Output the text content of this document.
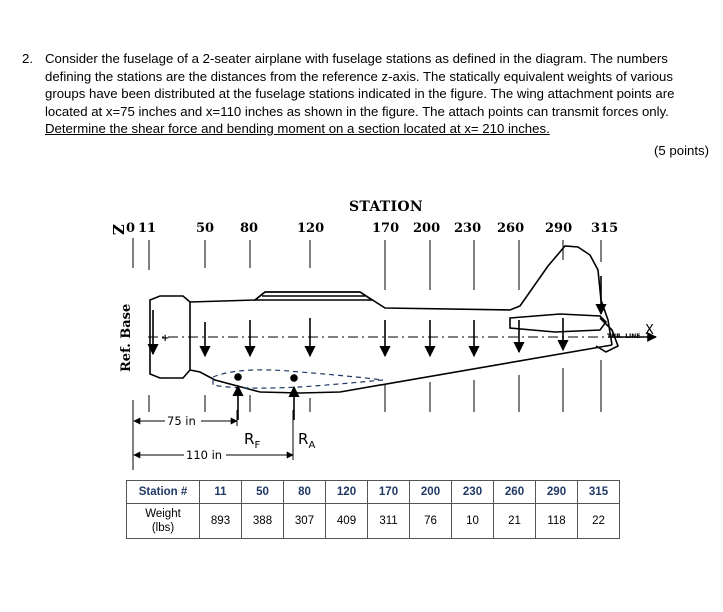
2. Consider the fuselage of a 2-seater airplane with fuselage stations as defined in the diagram. The numbers
defining the stations are the distances from the reference z-axis. The statically equivalent weights of various
groups have been distributed at the fuselage stations indicated in the figure. The wing attachment points are
located at x=75 inches and x=110 inches as shown in the figure. The attach points can transmit forces only.
Determine the shear force and bending moment on a section located at x= 210 inches.
(5 points)
Z 0 11	50 80	120	170 200 230 260 290 315
Ref. Base	X
THR. LINE
+
$R_F$	$R_A$
75 in
110 in
STATION
Station #	11	50	80	120	170	200	230	260	290	315
Weight
(lbs)	893	388	307	409	311	76	10	21	118	22
